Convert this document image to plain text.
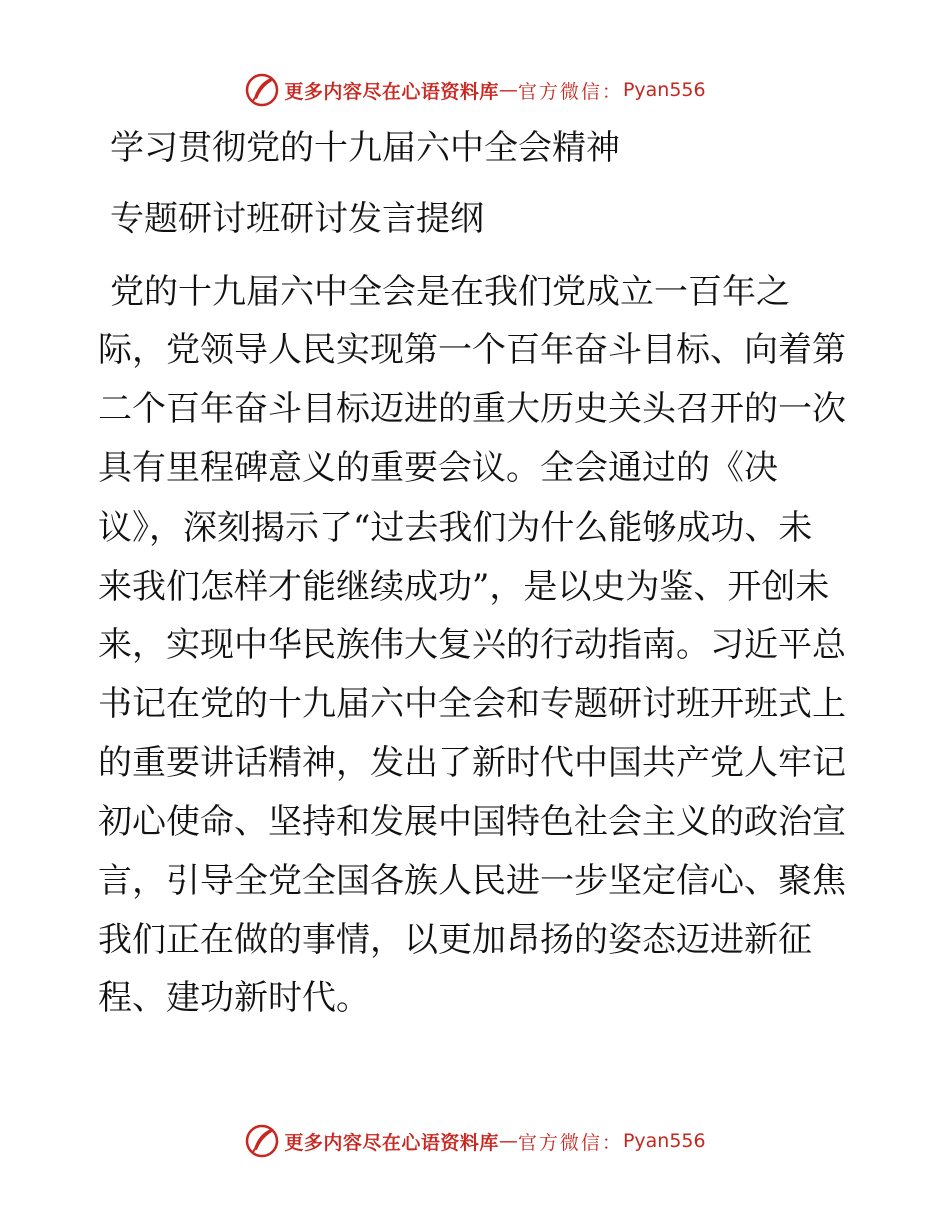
更多内容尽在心语资料库 — 官方微信： Pyan556
学习贯彻党的十九届六中全会精神
专题研讨班研讨发言提纲
党的十九届六中全会是在我们党成立一百年之
际，党领导人民实现第一个百年奋斗目标、向着第
二个百年奋斗目标迈进的重大历史关头召开的一次
具有里程碑意义的重要会议。全会通过的《决
议》，深刻揭示了“过去我们为什么能够成功、未
来我们怎样才能继续成功”，是以史为鉴、开创未
来，实现中华民族伟大复兴的行动指南。习近平总
书记在党的十九届六中全会和专题研讨班开班式上
的重要讲话精神，发出了新时代中国共产党人牢记
初心使命、坚持和发展中国特色社会主义的政治宣
言，引导全党全国各族人民进一步坚定信心、聚焦
我们正在做的事情，以更加昂扬的姿态迈进新征
程、建功新时代。
更多内容尽在心语资料库 — 官方微信： Pyan556
